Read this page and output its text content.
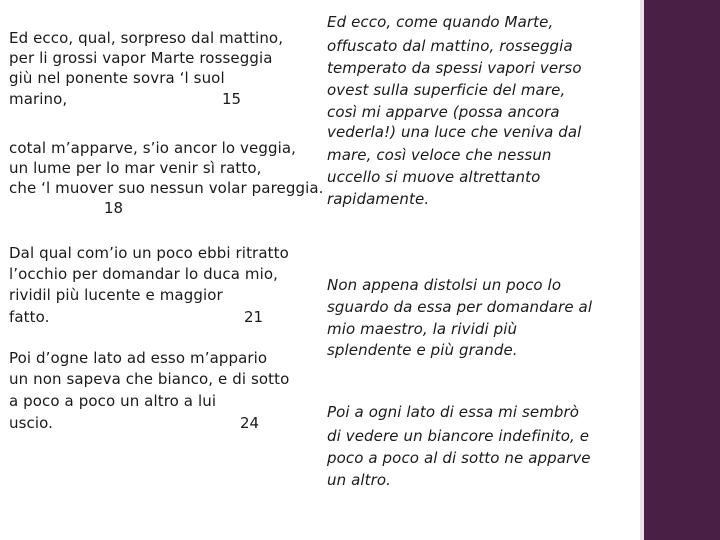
Ed ecco, qual, sorpreso dal mattino,
per li grossi vapor Marte rosseggia
giù nel ponente sovra ‘l suol
marino,	15
cotal m’apparve, s’io ancor lo veggia,
un lume per lo mar venir sì ratto,
che ‘l muover suo nessun volar pareggia.
18
Dal qual com’io un poco ebbi ritratto
l’occhio per domandar lo duca mio,
rividil più lucente e maggior
fatto.	21
Poi d’ogne lato ad esso m’appario
un non sapeva che bianco, e di sotto
a poco a poco un altro a lui
uscio.	24
Ed ecco, come quando Marte,
offuscato dal mattino, rosseggia
temperato da spessi vapori verso
ovest sulla superficie del mare,
così mi apparve (possa ancora
vederla!) una luce che veniva dal
mare, così veloce che nessun
uccello si muove altrettanto
rapidamente.
Non appena distolsi un poco lo
sguardo da essa per domandare al
mio maestro, la rividi più
splendente e più grande.
Poi a ogni lato di essa mi sembrò
di vedere un biancore indefinito, e
poco a poco al di sotto ne apparve
un altro.
